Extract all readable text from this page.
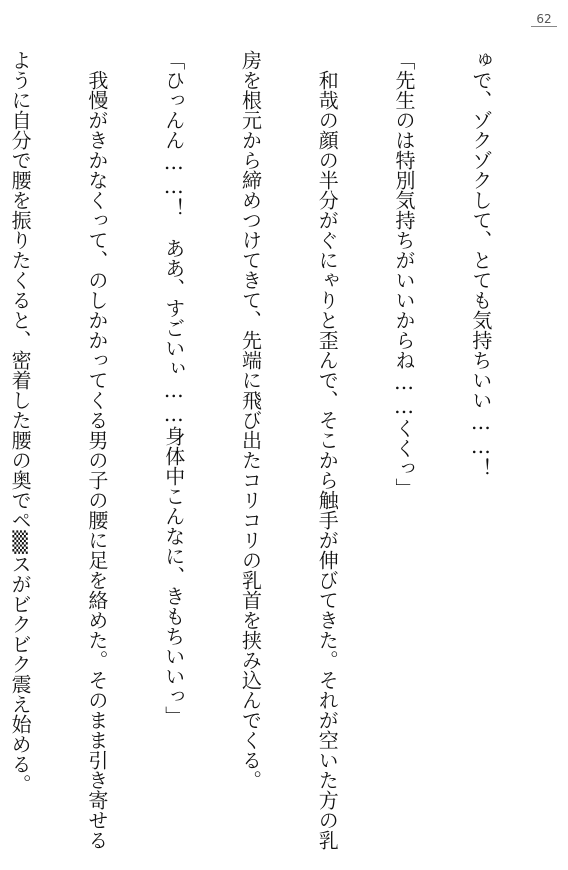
62

ゅで、ゾクゾクして、とても気持ちいい……！

「先生のは特別気持ちがいいからね……くくっ」

　和哉の顔の半分がぐにゃりと歪んで、そこから触手が伸びてきた。それが空いた方の乳

房を根元から締めつけてきて、先端に飛び出たコリコリの乳首を挟み込んでくる。

「ひっんん……！　ああ、すごいぃ……身体中こんなに、きもちいいっ」

　我慢がきかなくって、のしかかってくる男の子の腰に足を絡めた。そのまま引き寄せる

ように自分で腰を振りたくると、密着した腰の奥でペ▒スがビクビク震え始める。
